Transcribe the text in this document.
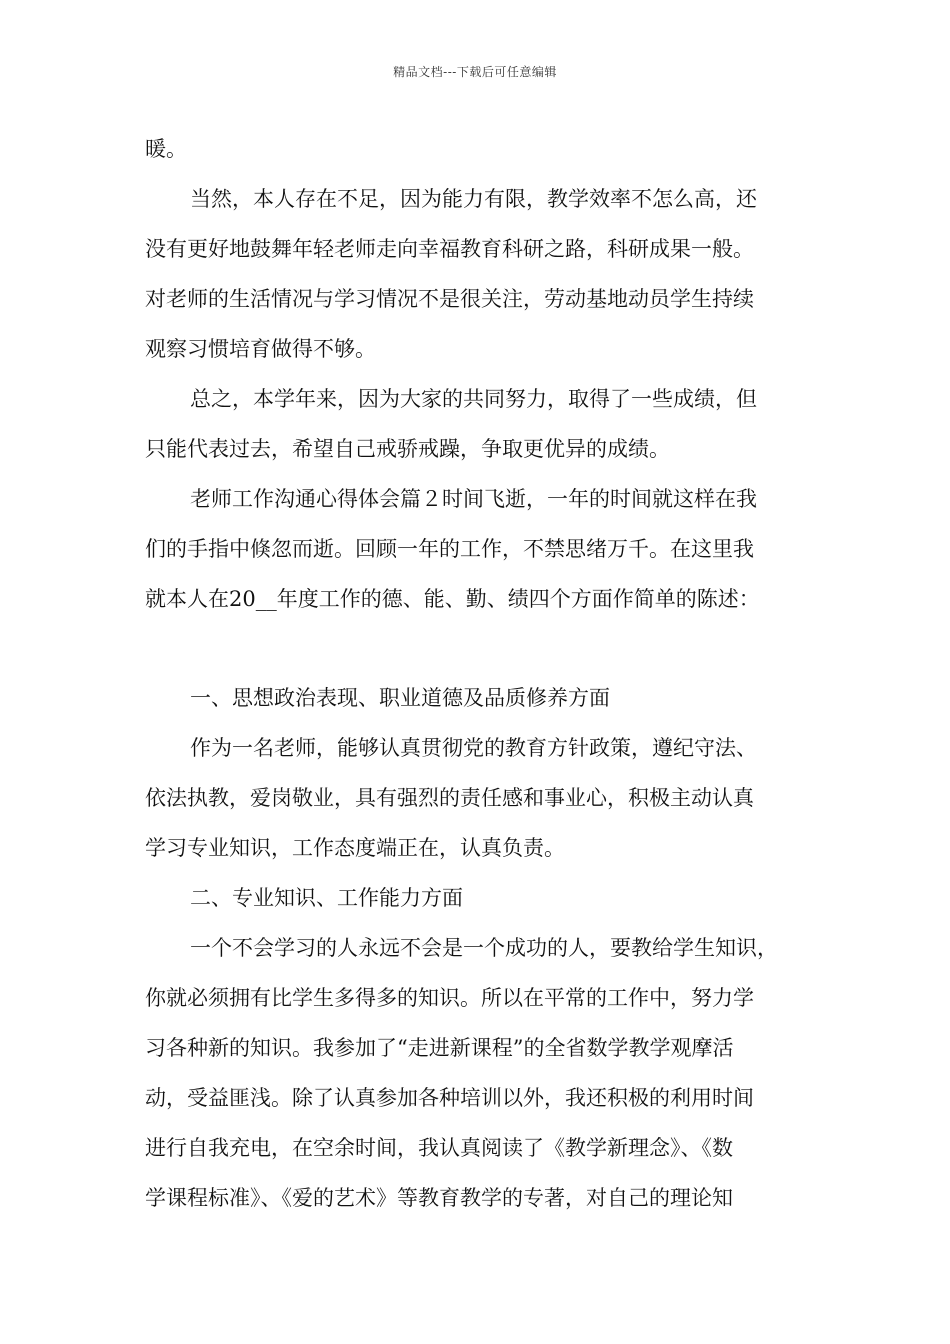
精品文档---下载后可任意编辑
暖。
当然，本人存在不足，因为能力有限，教学效率不怎么高，还
没有更好地鼓舞年轻老师走向幸福教育科研之路，科研成果一般。
对老师的生活情况与学习情况不是很关注，劳动基地动员学生持续
观察习惯培育做得不够。
总之，本学年来，因为大家的共同努力，取得了一些成绩，但
只能代表过去，希望自己戒骄戒躁，争取更优异的成绩。
老师工作沟通心得体会篇２时间飞逝，一年的时间就这样在我
们的手指中倏忽而逝。回顾一年的工作，不禁思绪万千。在这里我
就本人在20__年度工作的德、能、勤、绩四个方面作简单的陈述：
一、思想政治表现、职业道德及品质修养方面
作为一名老师，能够认真贯彻党的教育方针政策，遵纪守法、
依法执教，爱岗敬业，具有强烈的责任感和事业心，积极主动认真
学习专业知识，工作态度端正在，认真负责。
二、专业知识、工作能力方面
一个不会学习的人永远不会是一个成功的人，要教给学生知识，
你就必须拥有比学生多得多的知识。所以在平常的工作中，努力学
习各种新的知识。我参加了“走进新课程”的全省数学教学观摩活
动，受益匪浅。除了认真参加各种培训以外，我还积极的利用时间
进行自我充电，在空余时间，我认真阅读了《教学新理念》、《数
学课程标准》、《爱的艺术》等教育教学的专著，对自己的理论知
